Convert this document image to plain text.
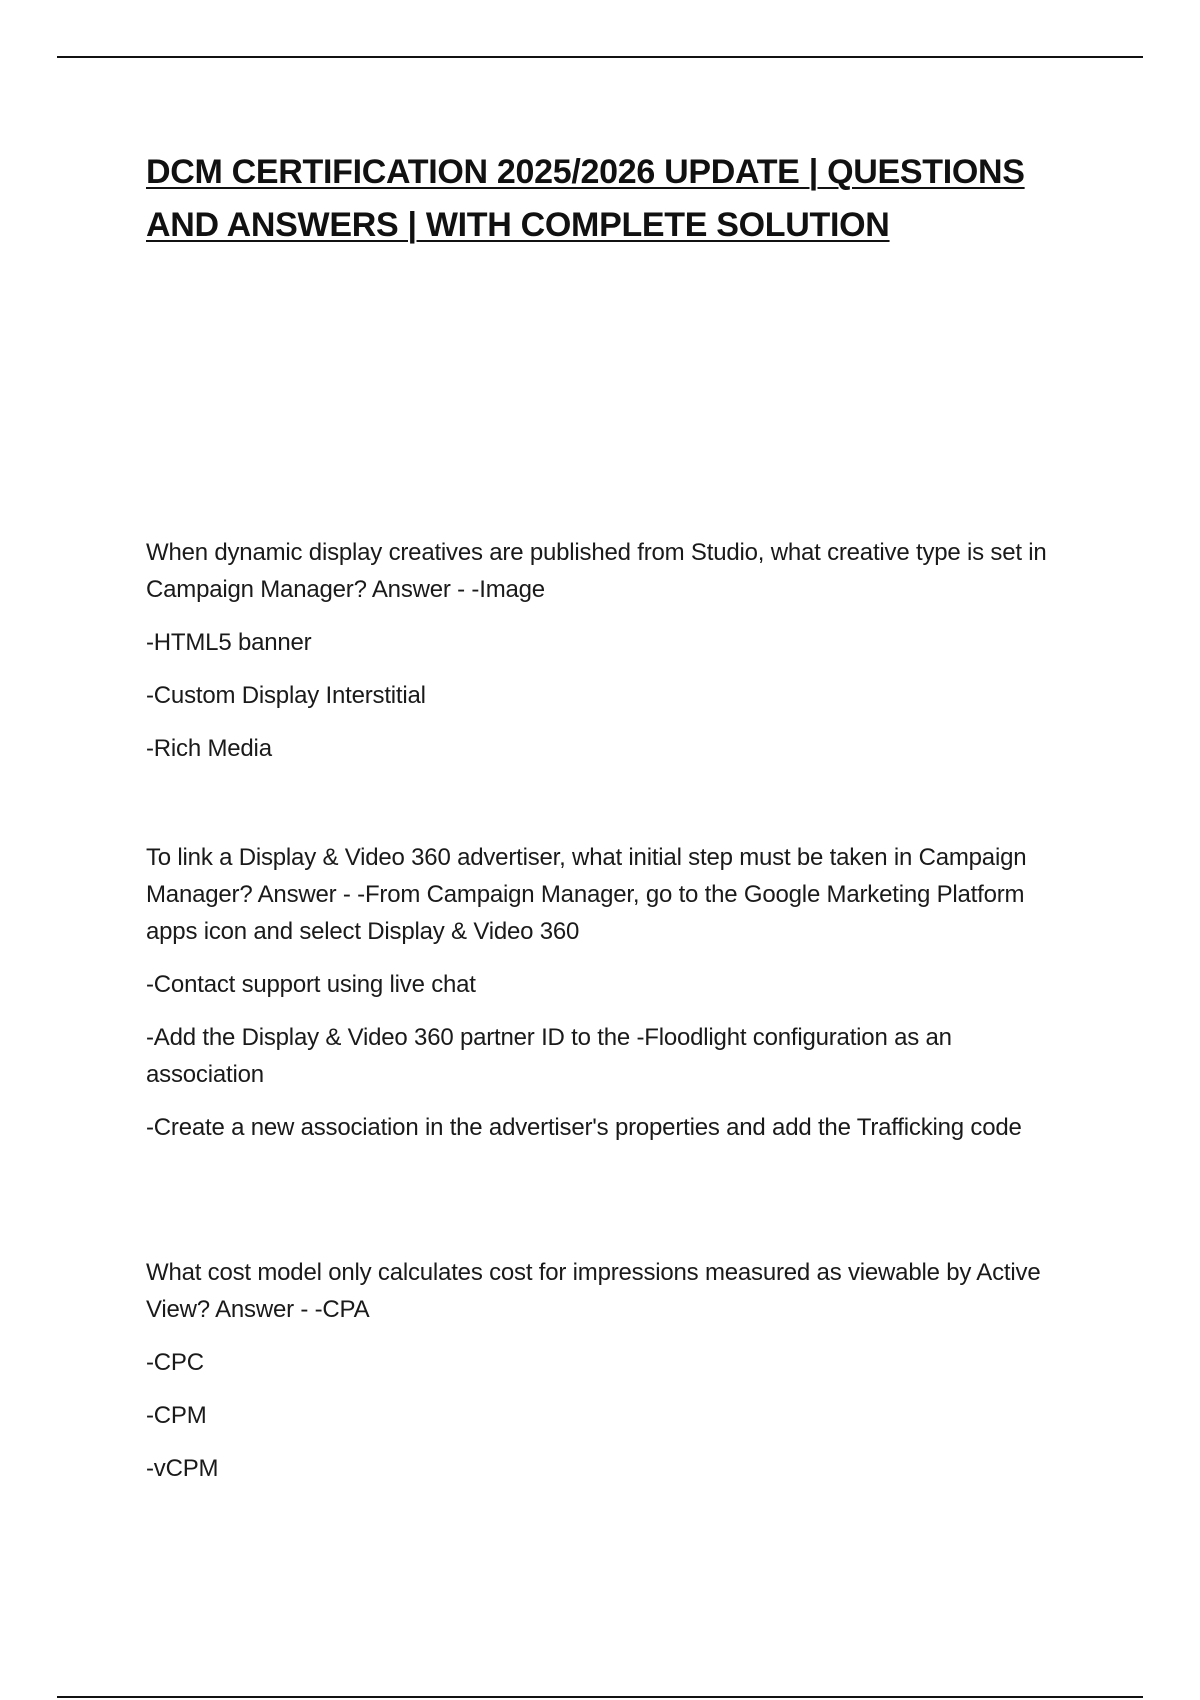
DCM CERTIFICATION 2025/2026 UPDATE | QUESTIONS AND ANSWERS | WITH COMPLETE SOLUTION

When dynamic display creatives are published from Studio, what creative type is set in Campaign Manager? Answer - -Image

-HTML5 banner

-Custom Display Interstitial

-Rich Media

To link a Display & Video 360 advertiser, what initial step must be taken in Campaign Manager? Answer - -From Campaign Manager, go to the Google Marketing Platform apps icon and select Display & Video 360

-Contact support using live chat

-Add the Display & Video 360 partner ID to the -Floodlight configuration as an association

-Create a new association in the advertiser's properties and add the Trafficking code

What cost model only calculates cost for impressions measured as viewable by Active View? Answer - -CPA

-CPC

-CPM

-vCPM
